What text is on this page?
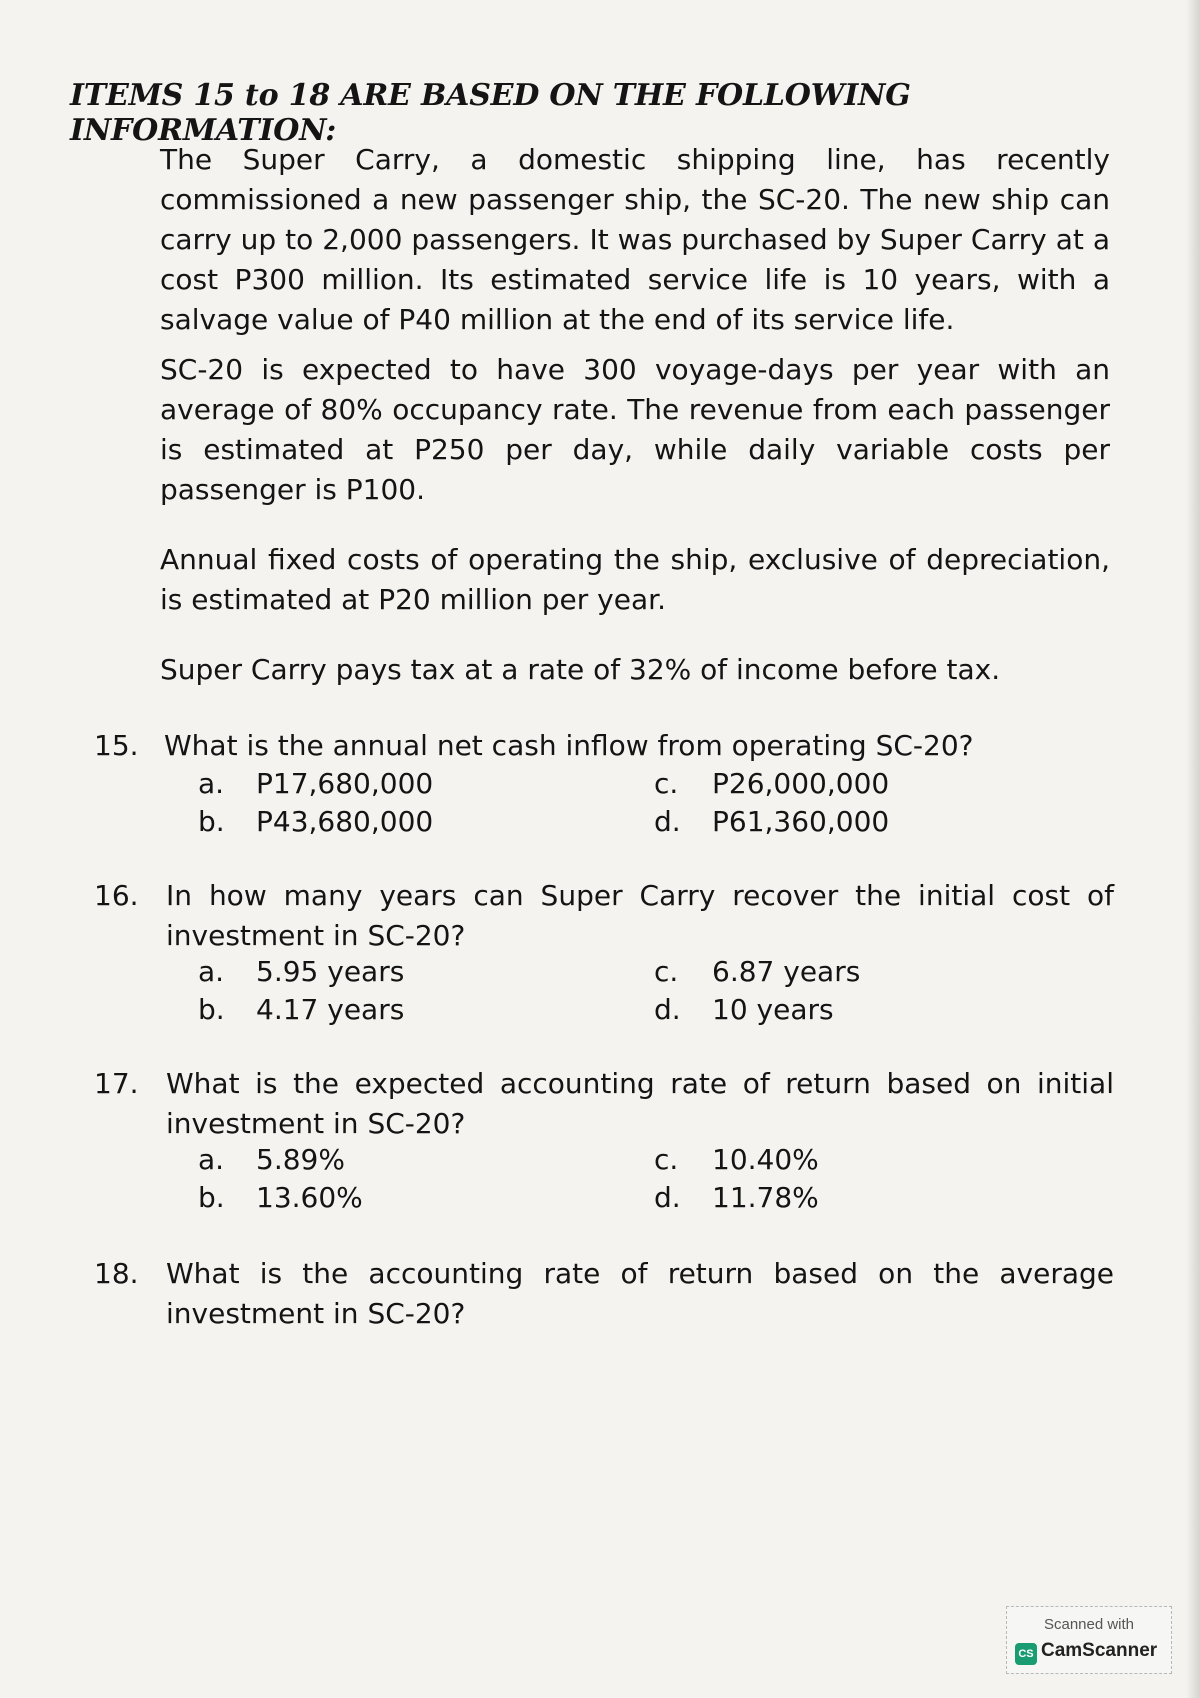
ITEMS 15 to 18 ARE BASED ON THE FOLLOWING INFORMATION:
The Super Carry, a domestic shipping line, has recently commissioned a new passenger ship, the SC-20. The new ship can carry up to 2,000 passengers. It was purchased by Super Carry at a cost P300 million. Its estimated service life is 10 years, with a salvage value of P40 million at the end of its service life.
SC-20 is expected to have 300 voyage-days per year with an average of 80% occupancy rate. The revenue from each passenger is estimated at P250 per day, while daily variable costs per passenger is P100.
Annual fixed costs of operating the ship, exclusive of depreciation, is estimated at P20 million per year.
Super Carry pays tax at a rate of 32% of income before tax.
15. What is the annual net cash inflow from operating SC-20?
a. P17,680,000	c. P26,000,000
b. P43,680,000	d. P61,360,000
16. In how many years can Super Carry recover the initial cost of investment in SC-20?
a. 5.95 years	c. 6.87 years
b. 4.17 years	d. 10 years
17. What is the expected accounting rate of return based on initial investment in SC-20?
a. 5.89%	c. 10.40%
b. 13.60%	d. 11.78%
18. What is the accounting rate of return based on the average investment in SC-20?
Scanned with
CS CamScanner
